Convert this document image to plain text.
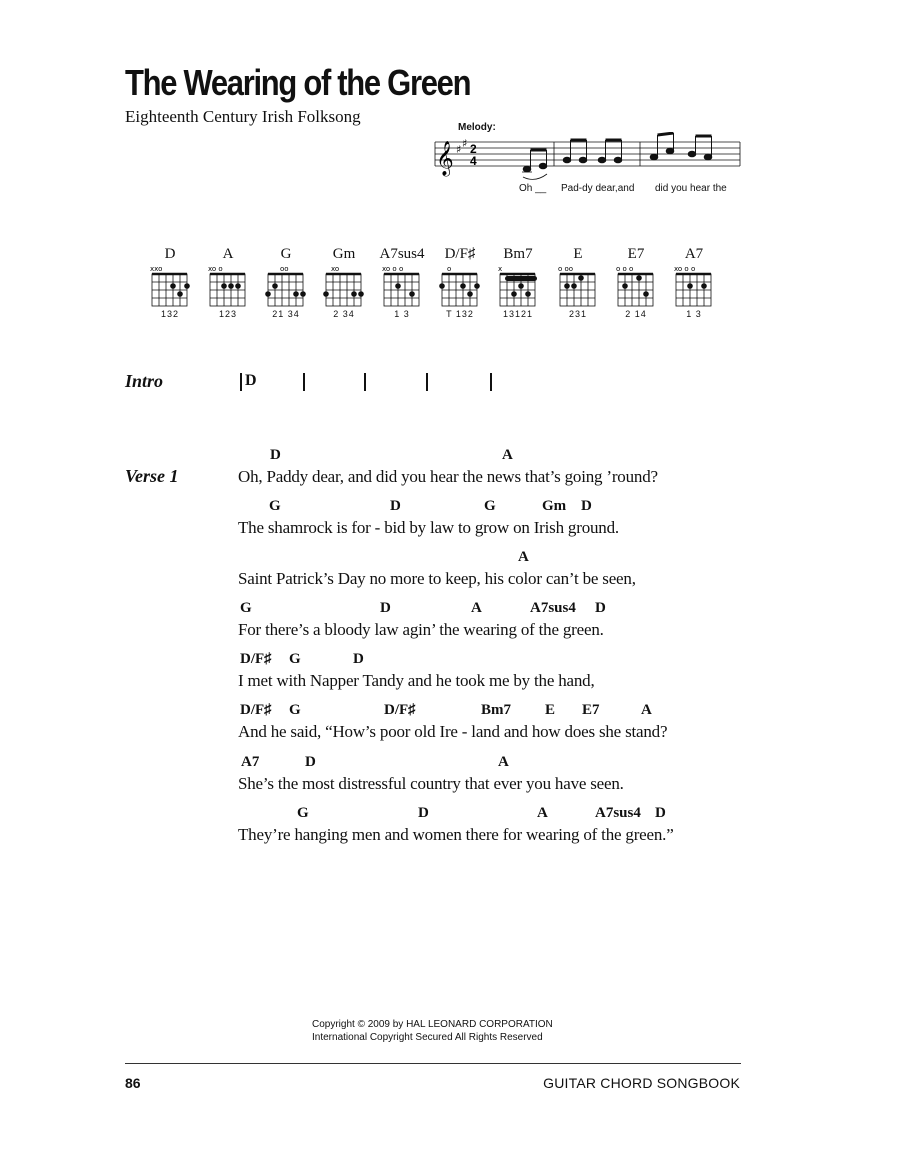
The Wearing of the Green
Eighteenth Century Irish Folksong
Melody:
𝄞 ♯ ♯ 2
4
Oh __ Pad-dy dear,and did you hear the
D
xxo
132
A
xo o
123
G
oo
21 34
Gm
xo
2 34
A7sus4
xo o o
1 3
D/F♯
o
T 132
Bm7
x
13121
E
o oo
231
E7
o o o
2 14
A7
xo o o
1 3
Intro	D
Verse 1
D	A
Oh, Paddy dear, and did you hear the news that’s going ’round?
G	D	G	Gm D
The shamrock is for - bid by law to grow on Irish ground.
A
Saint Patrick’s Day no more to keep, his color can’t be seen,
G	D	A	A7sus4 D
For there’s a bloody law agin’ the wearing of the green.
D/F♯ G	D
I met with Napper Tandy and he took me by the hand,
D/F♯ G	D/F♯	Bm7 E E7	A
And he said, “How’s poor old Ire - land and how does she stand?
A7	D	A
She’s the most distressful country that ever you have seen.
G	D	A	A7sus4 D
They’re hanging men and women there for wearing of the green.”
Copyright © 2009 by HAL LEONARD CORPORATION
International Copyright Secured All Rights Reserved
86	GUITAR CHORD SONGBOOK
